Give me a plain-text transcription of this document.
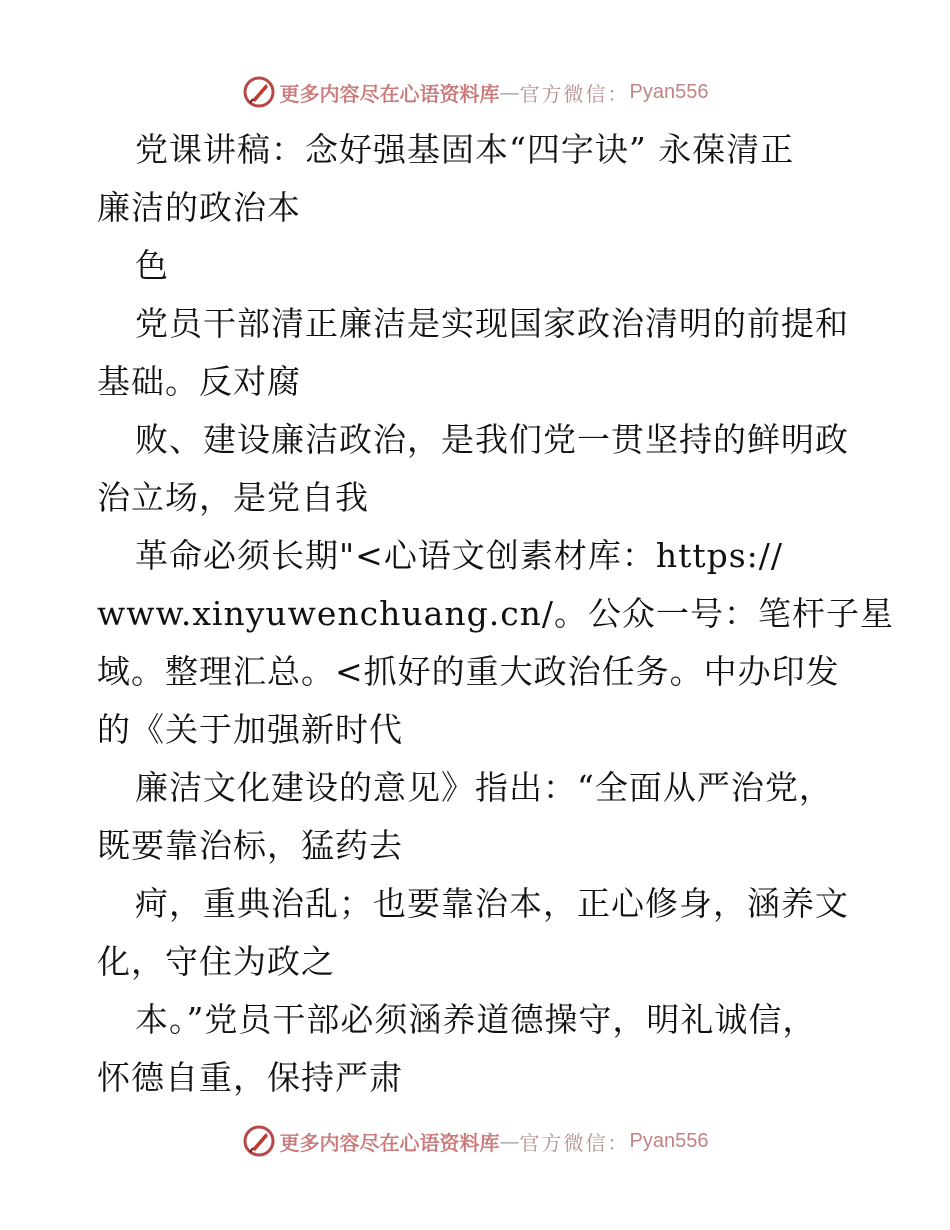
更多内容尽在心语资料库 — 官方微信： Pyan556
党课讲稿：念好强基固本“四字诀” 永葆清正
廉洁的政治本
色
党员干部清正廉洁是实现国家政治清明的前提和
基础。反对腐
败、建设廉洁政治，是我们党一贯坚持的鲜明政
治立场，是党自我
革命必须长期"<心语文创素材库：https://
www.xinyuwenchuang.cn/。公众一号：笔杆子星
域。整理汇总。<抓好的重大政治任务。中办印发
的《关于加强新时代
廉洁文化建设的意见》指出：“全面从严治党，
既要靠治标，猛药去
疴，重典治乱；也要靠治本，正心修身，涵养文
化，守住为政之
本。”党员干部必须涵养道德操守，明礼诚信，
怀德自重，保持严肃
更多内容尽在心语资料库 — 官方微信： Pyan556
